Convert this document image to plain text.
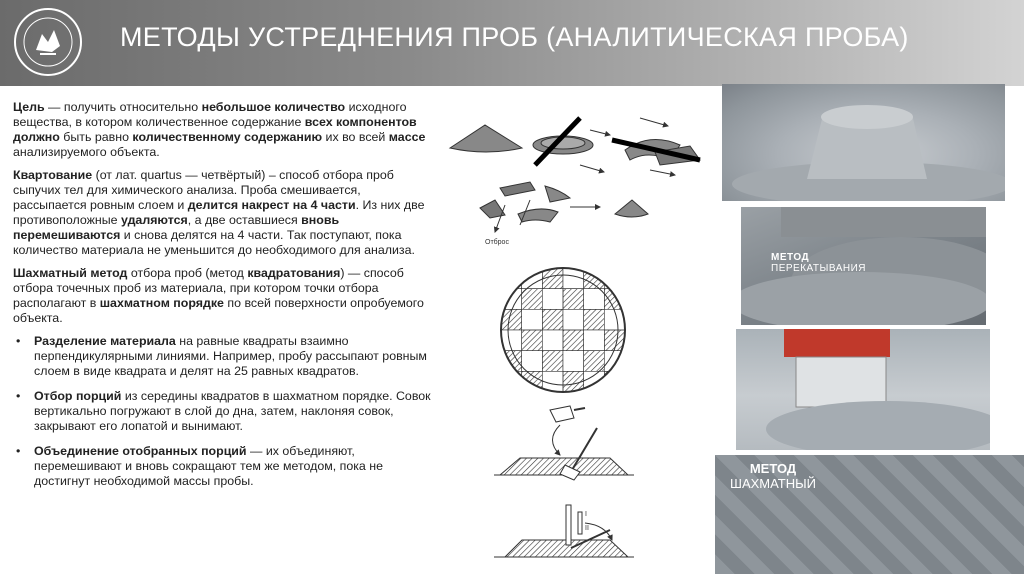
МЕТОДЫ УСТРЕДНЕНИЯ ПРОБ (АНАЛИТИЧЕСКАЯ ПРОБА)

Цель — получить относительно небольшое количество исходного вещества, в котором количественное содержание всех компонентов должно быть равно количественному содержанию их во всей массе анализируемого объекта.

Квартование (от лат. quartus — четвёртый) – способ отбора проб сыпучих тел для химического анализа. Проба смешивается, рассыпается ровным слоем и делится накрест на 4 части. Из них две противоположные удаляются, а две оставшиеся вновь перемешиваются и снова делятся на 4 части. Так поступают, пока количество материала не уменьшится до необходимого для анализа.

Шахматный метод отбора проб (метод квадратования) — способ отбора точечных проб из материала, при котором точки отбора располагают в шахматном порядке по всей поверхности опробуемого объекта.

• Разделение материала на равные квадраты взаимно перпендикулярными линиями. Например, пробу рассыпают ровным слоем в виде квадрата и делят на 25 равных квадратов.
• Отбор порций из середины квадратов в шахматном порядке. Совок вертикально погружают в слой до дна, затем, наклоняя совок, закрывают его лопатой и вынимают.
• Объединение отобранных порций — их объединяют, перемешивают и вновь сокращают тем же методом, пока не достигнут необходимой массы пробы.
Отброс
I
II
МЕТОД
ПЕРЕКАТЫВАНИЯ
МЕТОД
ШАХМАТНЫЙ
